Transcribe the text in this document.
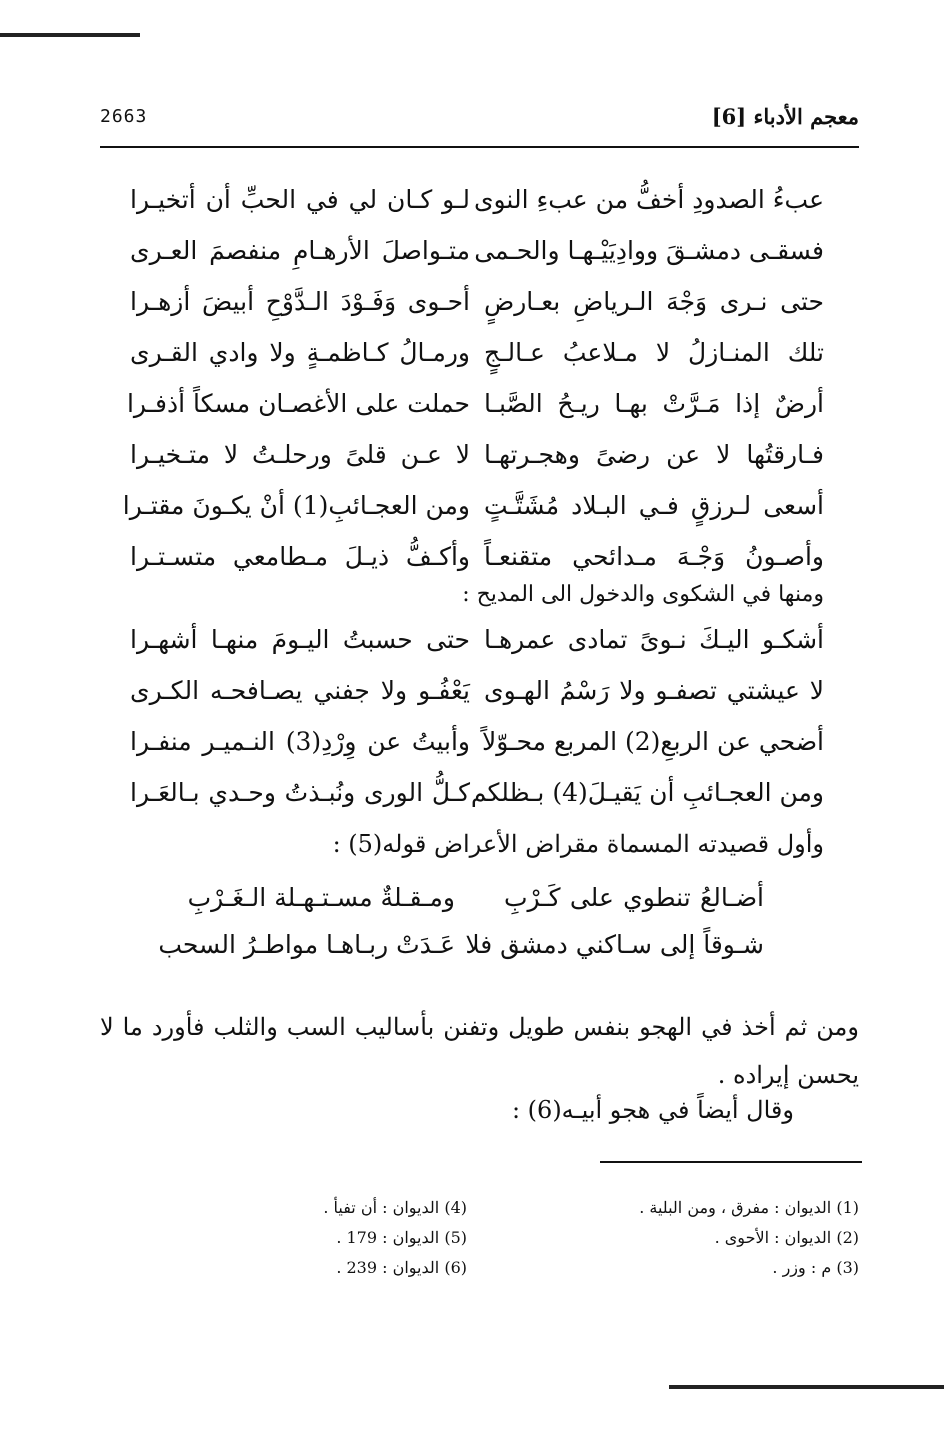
معجم الأدباء [6]
2663
عبءُ الصدودِ أخفُّ من عبءِ النوى
لـو كـان لي في الحبِّ أن أتخيـرا
فسقـى دمشـقَ ووادِيَيْـهـا والحـمى
متـواصلَ الأرهـامِ منفصمَ العـرى
حتى نـرى وَجْهَ الـرياضِ بعـارضٍ
أحـوى وَفَـوْدَ الـدَّوْحِ أبيضَ أزهـرا
تلك المنـازلُ لا مـلاعبُ عـالـجٍ
ورمـالُ كـاظمـةٍ ولا وادي القـرى
أرضٌ إذا مَـرَّتْ بهـا ريـحُ الصَّبـا
حملت على الأغصـان مسكاً أذفـرا
فـارقتُها لا عن رضىً وهجـرتهـا
لا عـن قلىً ورحلـتُ لا متـخيـرا
أسعى لـرزقٍ فـي البـلاد مُشَتَّـتٍ
ومن العجـائبِ(1) أنْ يكـونَ مقتـرا
وأصـونُ وَجْـهَ مـدائحي متقنعـاً
وأكـفُّ ذيـلَ مـطامعي متسـتـرا
ومنها في الشكوى والدخول الى المديح :
أشكـو اليـكَ نـوىً تمادى عمرهـا
حتى حسبتُ اليـومَ منهـا أشهـرا
لا عيشتي تصفـو ولا رَسْمُ الهـوى
يَعْفُـو ولا جفني يصـافحـه الكـرى
أضحي عن الربعِ(2) المربع محـوّلاً
وأبيتُ عن وِرْدِ(3) النـميـر منفـرا
ومن العجـائبِ أن يَقيـلَ(4) بـظلكم
كـلُّ الورى ونُبـذتُ وحـدي بـالعَـرا
وأول قصيدته المسماة مقراض الأعراض قوله(5) :
أضـالعُ تنطوي على كَـرْبِ
ومـقـلةٌ مسـتـهـلة الـغَـرْبِ
شـوقاً إلى سـاكني دمشق فلا
عَـدَتْ ربـاهـا مواطـرُ السحب
ومن ثم أخذ في الهجو بنفس طويل وتفنن بأساليب السب والثلب فأورد ما لا يحسن إيراده .
وقال أيضاً في هجو أبيـه(6) :
(1) الديوان : مفرق ، ومن البلية .
(2) الديوان : الأحوى .
(3) م : وزر .
(4) الديوان : أن تفيأ .
(5) الديوان : 179 .
(6) الديوان : 239 .
